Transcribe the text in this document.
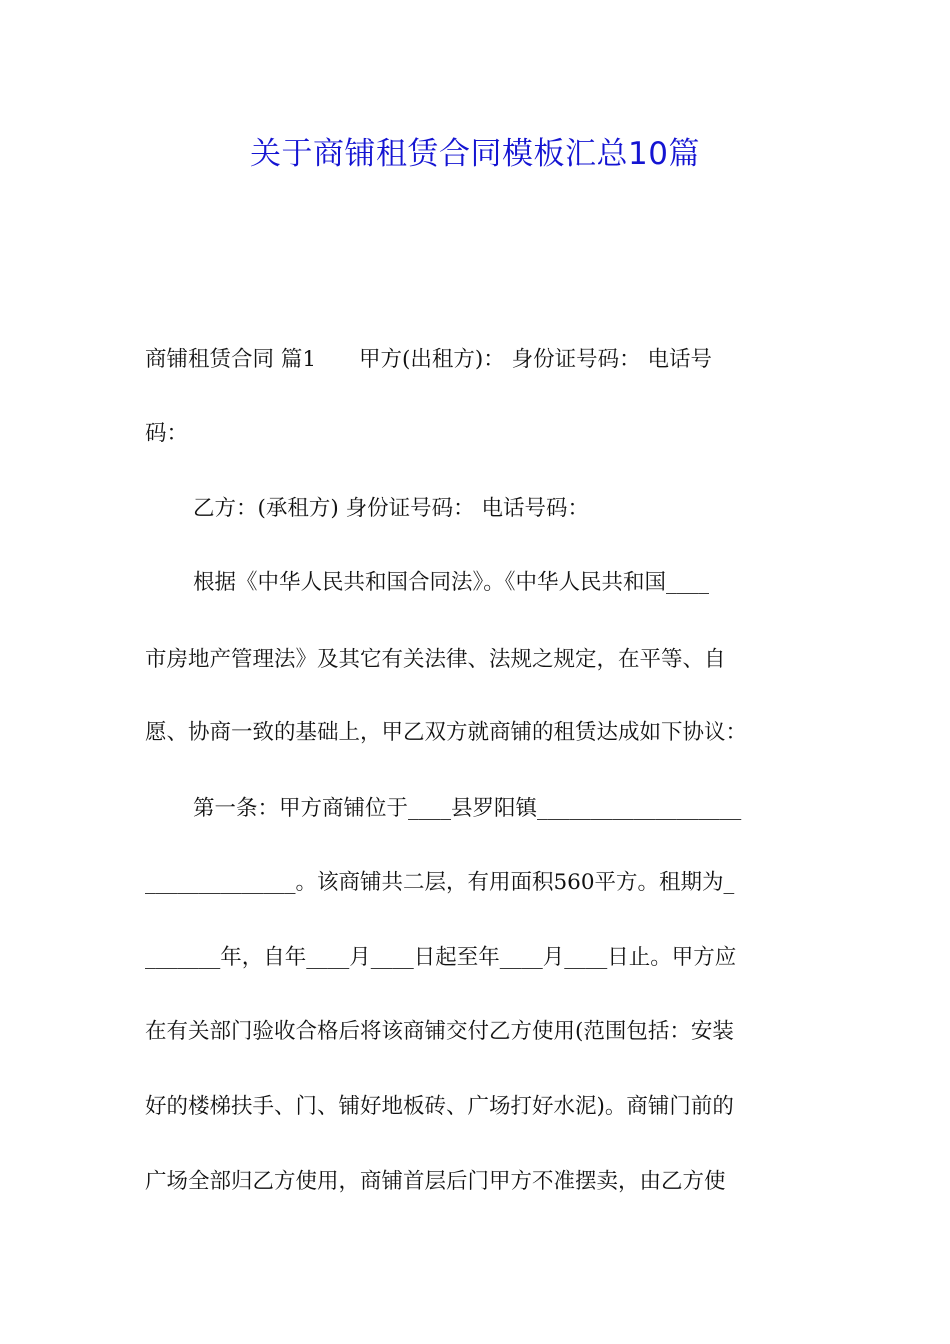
关于商铺租赁合同模板汇总10篇
商铺租赁合同 篇1　　甲方(出租方)： 身份证号码： 电话号
码：
乙方：(承租方) 身份证号码： 电话号码：
根据《中华人民共和国合同法》。《中华人民共和国____
市房地产管理法》及其它有关法律、法规之规定，在平等、自
愿、协商一致的基础上，甲乙双方就商铺的租赁达成如下协议：
第一条：甲方商铺位于____县罗阳镇___________________
______________。该商铺共二层，有用面积560平方。租期为_
_______年，自年____月____日起至年____月____日止。甲方应
在有关部门验收合格后将该商铺交付乙方使用(范围包括：安装
好的楼梯扶手、门、铺好地板砖、广场打好水泥)。商铺门前的
广场全部归乙方使用，商铺首层后门甲方不准摆卖，由乙方使
